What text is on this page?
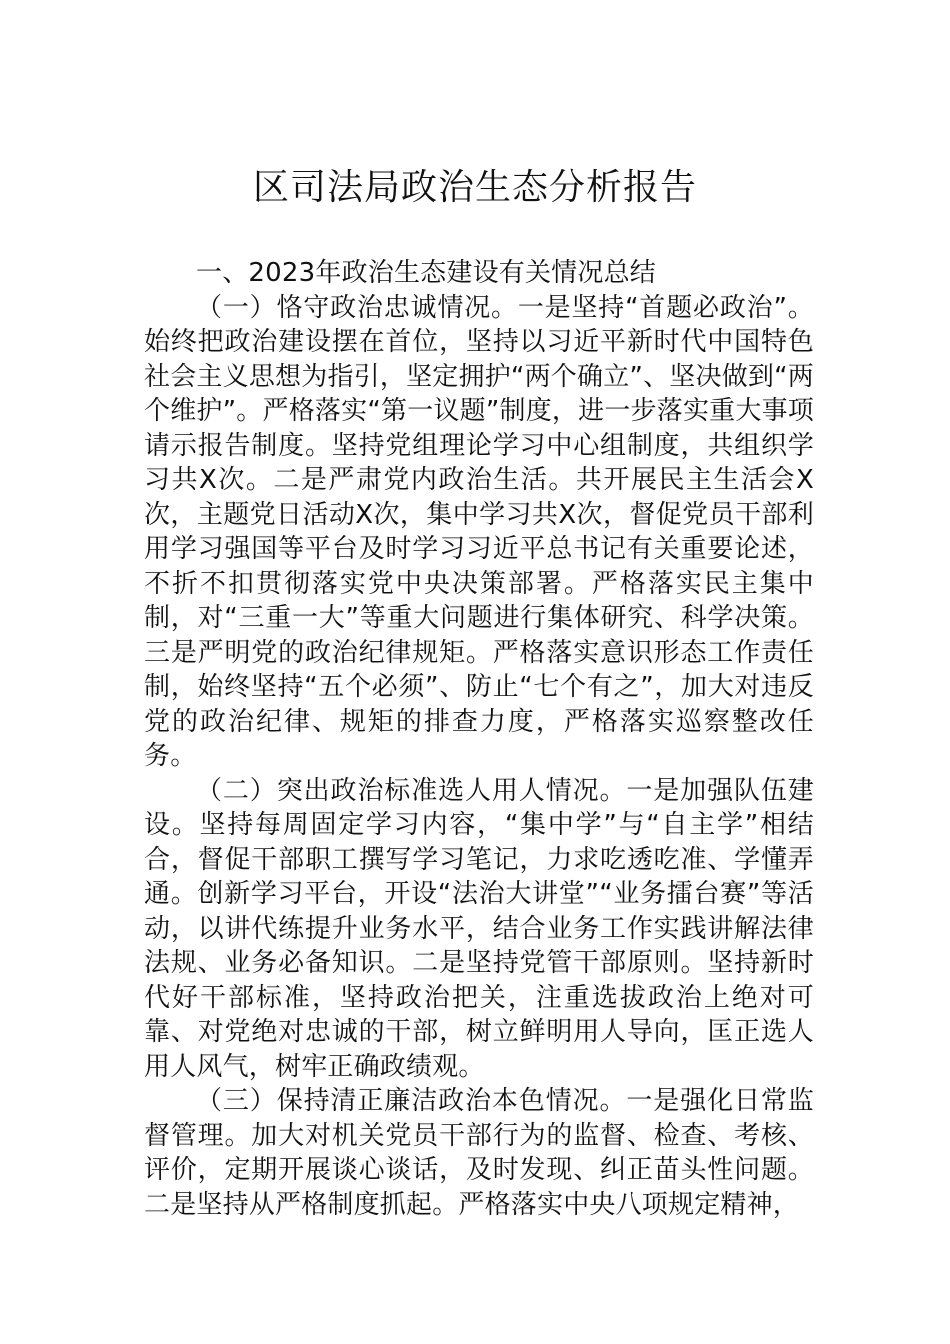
区司法局政治生态分析报告

一、2023年政治生态建设有关情况总结

（一）恪守政治忠诚情况。一是坚持“首题必政治”。始终把政治建设摆在首位，坚持以习近平新时代中国特色社会主义思想为指引，坚定拥护“两个确立”、坚决做到“两个维护”。严格落实“第一议题”制度，进一步落实重大事项请示报告制度。坚持党组理论学习中心组制度，共组织学习共X次。二是严肃党内政治生活。共开展民主生活会X次，主题党日活动X次，集中学习共X次，督促党员干部利用学习强国等平台及时学习习近平总书记有关重要论述，不折不扣贯彻落实党中央决策部署。严格落实民主集中制，对“三重一大”等重大问题进行集体研究、科学决策。三是严明党的政治纪律规矩。严格落实意识形态工作责任制，始终坚持“五个必须”、防止“七个有之”，加大对违反党的政治纪律、规矩的排查力度，严格落实巡察整改任务。

（二）突出政治标准选人用人情况。一是加强队伍建设。坚持每周固定学习内容，“集中学”与“自主学”相结合，督促干部职工撰写学习笔记，力求吃透吃准、学懂弄通。创新学习平台，开设“法治大讲堂”“业务擂台赛”等活动，以讲代练提升业务水平，结合业务工作实践讲解法律法规、业务必备知识。二是坚持党管干部原则。坚持新时代好干部标准，坚持政治把关，注重选拔政治上绝对可靠、对党绝对忠诚的干部，树立鲜明用人导向，匡正选人用人风气，树牢正确政绩观。

（三）保持清正廉洁政治本色情况。一是强化日常监督管理。加大对机关党员干部行为的监督、检查、考核、评价，定期开展谈心谈话，及时发现、纠正苗头性问题。二是坚持从严格制度抓起。严格落实中央八项规定精神，
